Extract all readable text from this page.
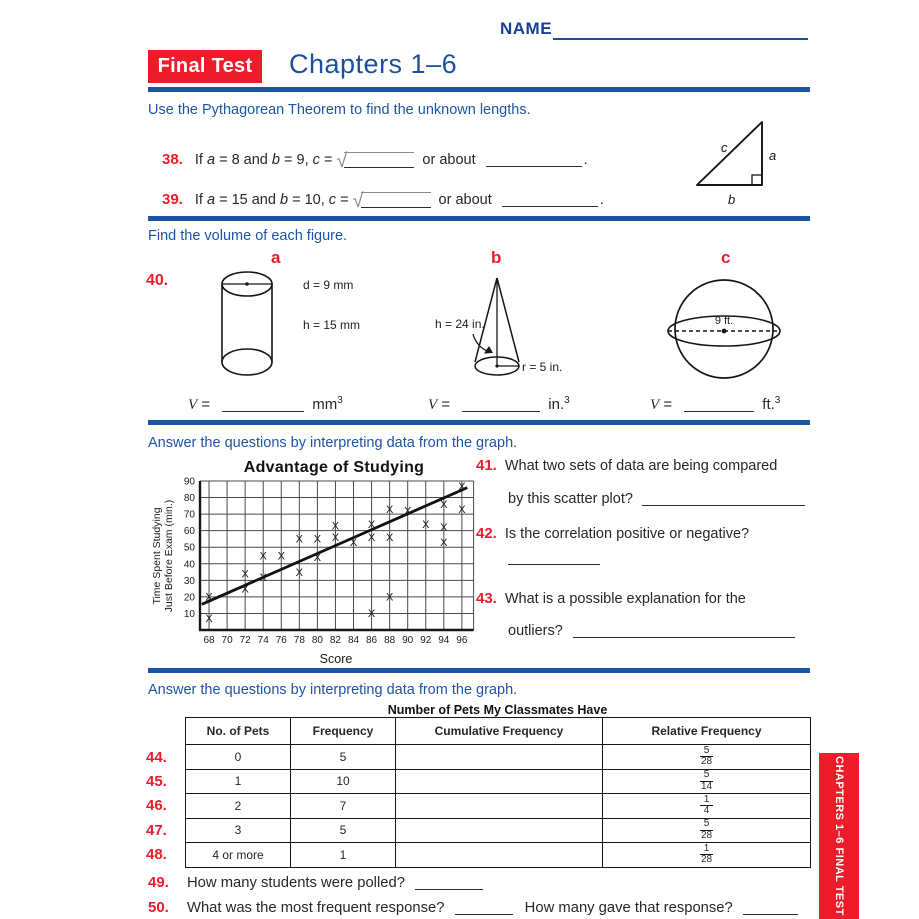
NAME
Final Test Chapters 1–6
Use the Pythagorean Theorem to find the unknown lengths.
38. If a = 8 and b = 9, c = √	or about	.
39. If a = 15 and b = 10, c = √	or about	.
c
a
b
Find the volume of each figure.
a	b	c
40.	d = 9 mm
h = 15 mm	h = 24 in.
r = 5 in.
9 ft.
V =	$mm^3$	V =	in.$^3$	V =	ft.$^3$
Answer the questions by interpreting data from the graph.
Advantage of Studying
Time Spent Studying Just Before Exam (min.)
10
20
30
40
50
60
70
80
90
68 70 72 74 76 78 80 82 84 86 88 90 92 94 96
X
X
X
X X
X X
X
X
X
X X
X
X
X
X
X
X
X
X X
X
X
X
X X
X
Score
41. What two sets of data are being compared
by this scatter plot?
42. Is the correlation positive or negative?
43. What is a possible explanation for the
outliers?
Answer the questions by interpreting data from the graph.
Number of Pets My Classmates Have
No. of Pets	Frequency	Cumulative Frequency	Relative Frequency
0	5		$\frac{5}{28}$

1	10		$\frac{5}{14}$

2	7		$\frac{1}{4}$

3	5		$\frac{5}{28}$

4 or more	1		$\frac{1}{28}$
44.
45.
46.
47.
48.
49. How many students were polled?
50. What was the most frequent response?	How many gave that response?	CHAPTERS 1–6 FINAL TEST
